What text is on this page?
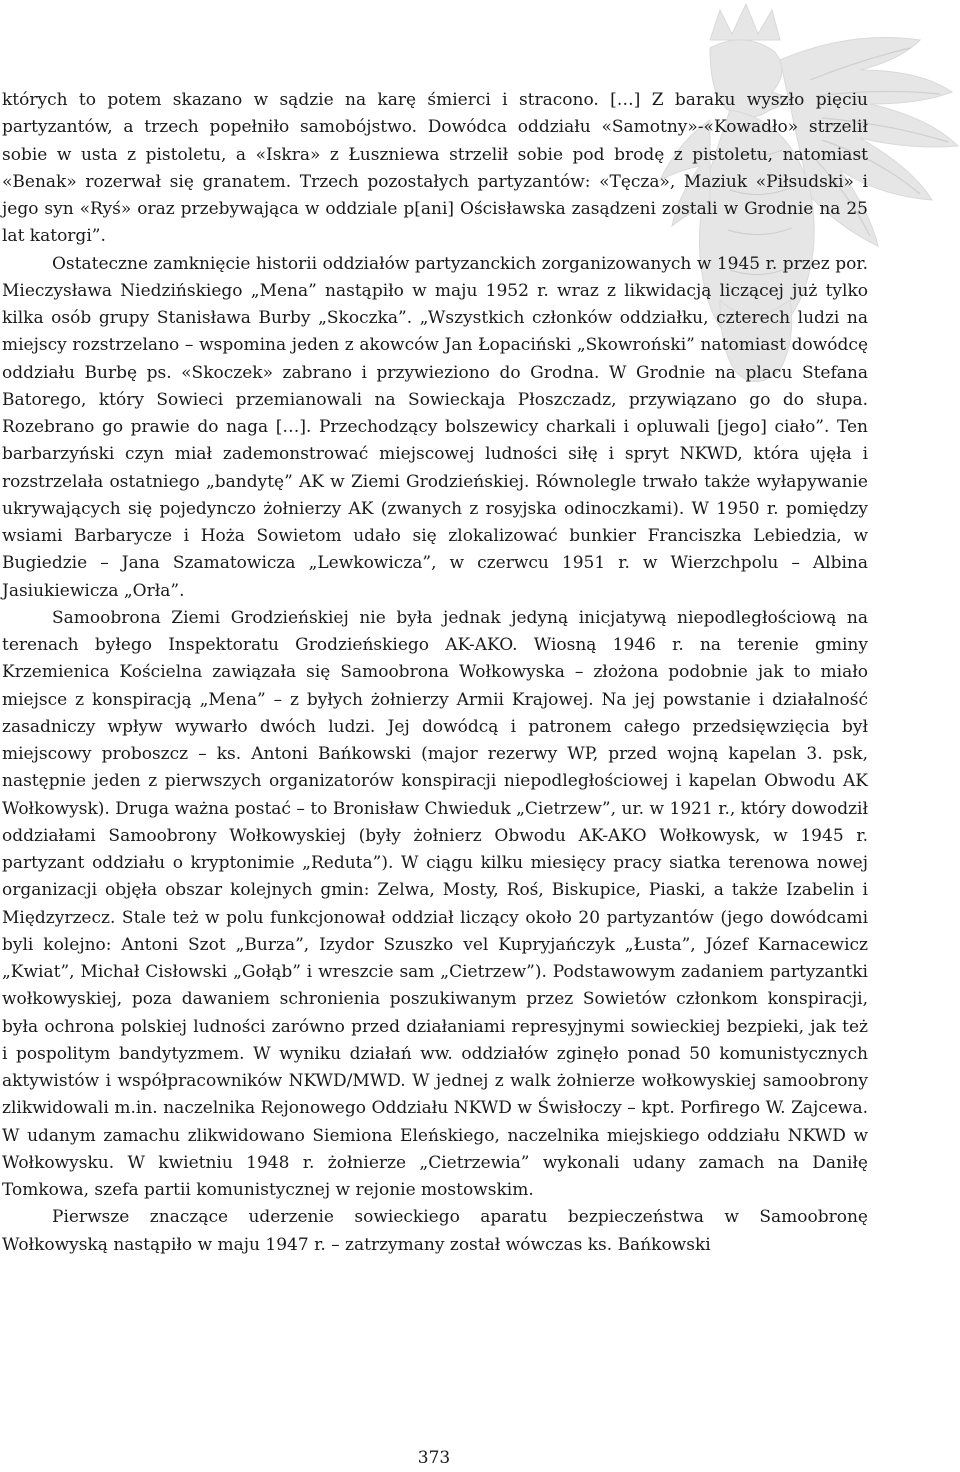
których to potem skazano w sądzie na karę śmierci i stracono. […] Z baraku wyszło pięciu partyzantów, a trzech popełniło samobójstwo. Dowódca oddziału «Samotny»-«Kowadło» strzelił sobie w usta z pistoletu, a «Iskra» z Łuszniewa strzelił sobie pod brodę z pistoletu, natomiast «Benak» rozerwał się granatem. Trzech pozostałych partyzantów: «Tęcza», Maziuk «Piłsudski» i jego syn «Ryś» oraz przebywająca w oddziale p[ani] Ościsławska zasądzeni zostali w Grodnie na 25 lat katorgi”.

Ostateczne zamknięcie historii oddziałów partyzanckich zorganizowanych w 1945 r. przez por. Mieczysława Niedzińskiego „Mena” nastąpiło w maju 1952 r. wraz z likwidacją liczącej już tylko kilka osób grupy Stanisława Burby „Skoczka”. „Wszystkich członków oddziałku, czterech ludzi na miejscy rozstrzelano – wspomina jeden z akowców Jan Łopaciński „Skowroński” natomiast dowódcę oddziału Burbę ps. «Skoczek» zabrano i przywieziono do Grodna. W Grodnie na placu Stefana Batorego, który Sowieci przemianowali na Sowieckaja Płoszczadz, przywiązano go do słupa. Rozebrano go prawie do naga […]. Przechodzący bolszewicy charkali i opluwali [jego] ciało”. Ten barbarzyński czyn miał zademonstrować miejscowej ludności siłę i spryt NKWD, która ujęła i rozstrzelała ostatniego „bandytę” AK w Ziemi Grodzieńskiej. Równolegle trwało także wyłapywanie ukrywających się pojedynczo żołnierzy AK (zwanych z rosyjska odinoczkami). W 1950 r. pomiędzy wsiami Barbarycze i Hoża Sowietom udało się zlokalizować bunkier Franciszka Lebiedzia, w Bugiedzie – Jana Szamatowicza „Lewkowicza”, w czerwcu 1951 r. w Wierzchpolu – Albina Jasiukiewicza „Orła”.

Samoobrona Ziemi Grodzieńskiej nie była jednak jedyną inicjatywą niepodległościową na terenach byłego Inspektoratu Grodzieńskiego AK-AKO. Wiosną 1946 r. na terenie gminy Krzemienica Kościelna zawiązała się Samoobrona Wołkowyska – złożona podobnie jak to miało miejsce z konspiracją „Mena” – z byłych żołnierzy Armii Krajowej. Na jej powstanie i działalność zasadniczy wpływ wywarło dwóch ludzi. Jej dowódcą i patronem całego przedsięwzięcia był miejscowy proboszcz – ks. Antoni Bańkowski (major rezerwy WP, przed wojną kapelan 3. psk, następnie jeden z pierwszych organizatorów konspiracji niepodległościowej i kapelan Obwodu AK Wołkowysk). Druga ważna postać – to Bronisław Chwieduk „Cietrzew”, ur. w 1921 r., który dowodził oddziałami Samoobrony Wołkowyskiej (były żołnierz Obwodu AK-AKO Wołkowysk, w 1945 r. partyzant oddziału o kryptonimie „Reduta”). W ciągu kilku miesięcy pracy siatka terenowa nowej organizacji objęła obszar kolejnych gmin: Zelwa, Mosty, Roś, Biskupice, Piaski, a także Izabelin i Międzyrzecz. Stale też w polu funkcjonował oddział liczący około 20 partyzantów (jego dowódcami byli kolejno: Antoni Szot „Burza”, Izydor Szuszko vel Kupryjańczyk „Łusta”, Józef Karnacewicz „Kwiat”, Michał Cisłowski „Gołąb” i wreszcie sam „Cietrzew”). Podstawowym zadaniem partyzantki wołkowyskiej, poza dawaniem schronienia poszukiwanym przez Sowietów członkom konspiracji, była ochrona polskiej ludności zarówno przed działaniami represyjnymi sowieckiej bezpieki, jak też i pospolitym bandytyzmem. W wyniku działań ww. oddziałów zginęło ponad 50 komunistycznych aktywistów i współpracowników NKWD/MWD. W jednej z walk żołnierze wołkowyskiej samoobrony zlikwidowali m.in. naczelnika Rejonowego Oddziału NKWD w Świsłoczy – kpt. Porfirego W. Zajcewa. W udanym zamachu zlikwidowano Siemiona Eleńskiego, naczelnika miejskiego oddziału NKWD w Wołkowysku. W kwietniu 1948 r. żołnierze „Cietrzewia” wykonali udany zamach na Daniłę Tomkowa, szefa partii komunistycznej w rejonie mostowskim.

Pierwsze znaczące uderzenie sowieckiego aparatu bezpieczeństwa w Samoobronę Wołkowyską nastąpiło w maju 1947 r. – zatrzymany został wówczas ks. Bańkowski

373
